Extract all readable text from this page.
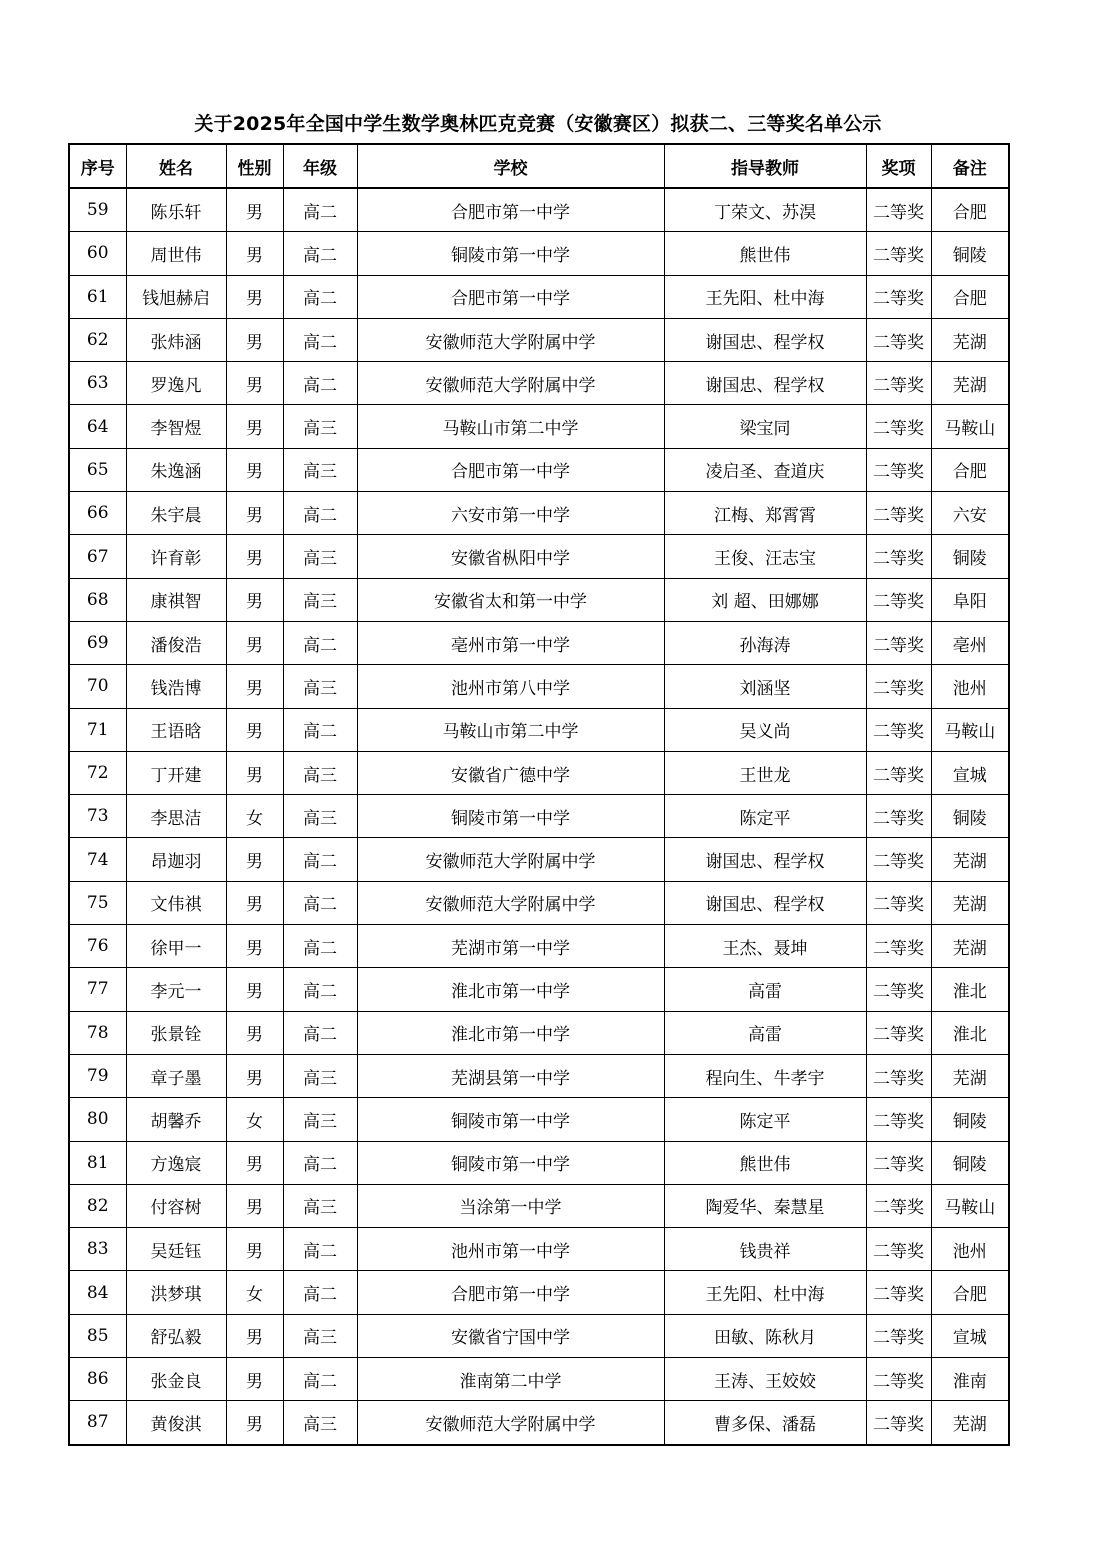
关于2025年全国中学生数学奥林匹克竞赛（安徽赛区）拟获二、三等奖名单公示
序号	姓名	性别	年级	学校	指导教师	奖项	备注
59	陈乐轩	男	高二	合肥市第一中学	丁荣文、苏淏	二等奖	合肥
60	周世伟	男	高二	铜陵市第一中学	熊世伟	二等奖	铜陵
61	钱旭赫启	男	高二	合肥市第一中学	王先阳、杜中海	二等奖	合肥
62	张炜涵	男	高二	安徽师范大学附属中学	谢国忠、程学权	二等奖	芜湖
63	罗逸凡	男	高二	安徽师范大学附属中学	谢国忠、程学权	二等奖	芜湖
64	李智煜	男	高三	马鞍山市第二中学	梁宝同	二等奖	马鞍山
65	朱逸涵	男	高三	合肥市第一中学	凌启圣、查道庆	二等奖	合肥
66	朱宇晨	男	高二	六安市第一中学	江梅、郑霄霄	二等奖	六安
67	许育彰	男	高三	安徽省枞阳中学	王俊、汪志宝	二等奖	铜陵
68	康祺智	男	高三	安徽省太和第一中学	刘 超、田娜娜	二等奖	阜阳
69	潘俊浩	男	高二	亳州市第一中学	孙海涛	二等奖	亳州
70	钱浩博	男	高三	池州市第八中学	刘涵坚	二等奖	池州
71	王语晗	男	高二	马鞍山市第二中学	吴义尚	二等奖	马鞍山
72	丁开建	男	高三	安徽省广德中学	王世龙	二等奖	宣城
73	李思洁	女	高三	铜陵市第一中学	陈定平	二等奖	铜陵
74	昂迦羽	男	高二	安徽师范大学附属中学	谢国忠、程学权	二等奖	芜湖
75	文伟祺	男	高二	安徽师范大学附属中学	谢国忠、程学权	二等奖	芜湖
76	徐甲一	男	高二	芜湖市第一中学	王杰、聂坤	二等奖	芜湖
77	李元一	男	高二	淮北市第一中学	高雷	二等奖	淮北
78	张景铨	男	高二	淮北市第一中学	高雷	二等奖	淮北
79	章子墨	男	高三	芜湖县第一中学	程向生、牛孝宇	二等奖	芜湖
80	胡馨乔	女	高三	铜陵市第一中学	陈定平	二等奖	铜陵
81	方逸宸	男	高二	铜陵市第一中学	熊世伟	二等奖	铜陵
82	付容树	男	高三	当涂第一中学	陶爱华、秦慧星	二等奖	马鞍山
83	吴廷钰	男	高二	池州市第一中学	钱贵祥	二等奖	池州
84	洪梦琪	女	高二	合肥市第一中学	王先阳、杜中海	二等奖	合肥
85	舒弘毅	男	高三	安徽省宁国中学	田敏、陈秋月	二等奖	宣城
86	张金良	男	高二	淮南第二中学	王涛、王姣姣	二等奖	淮南
87	黄俊淇	男	高三	安徽师范大学附属中学	曹多保、潘磊	二等奖	芜湖
